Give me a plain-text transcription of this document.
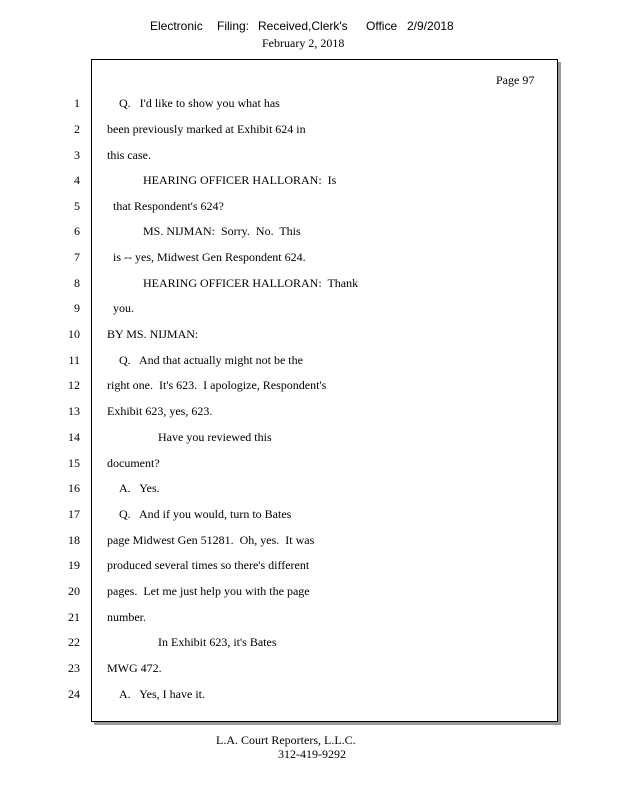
Electronic Filing: Received,Clerk's Office 2/9/2018
February 2, 2018
Page 97
1	Q.   I'd like to show you what has
2 been previously marked at Exhibit 624 in
3 this case.
4	HEARING OFFICER HALLORAN:  Is
5	that Respondent's 624?
6	MS. NIJMAN:  Sorry.  No.  This
7	is -- yes, Midwest Gen Respondent 624.
8	HEARING OFFICER HALLORAN:  Thank
9	you.
10 BY MS. NIJMAN:
11	Q.   And that actually might not be the
12 right one.  It's 623.  I apologize, Respondent's
13 Exhibit 623, yes, 623.
14	Have you reviewed this
15 document?
16	A.   Yes.
17	Q.   And if you would, turn to Bates
18 page Midwest Gen 51281.  Oh, yes.  It was
19 produced several times so there's different
20 pages.  Let me just help you with the page
21 number.
22	In Exhibit 623, it's Bates
23 MWG 472.
24	A.   Yes, I have it.
L.A. Court Reporters, L.L.C.
312-419-9292
